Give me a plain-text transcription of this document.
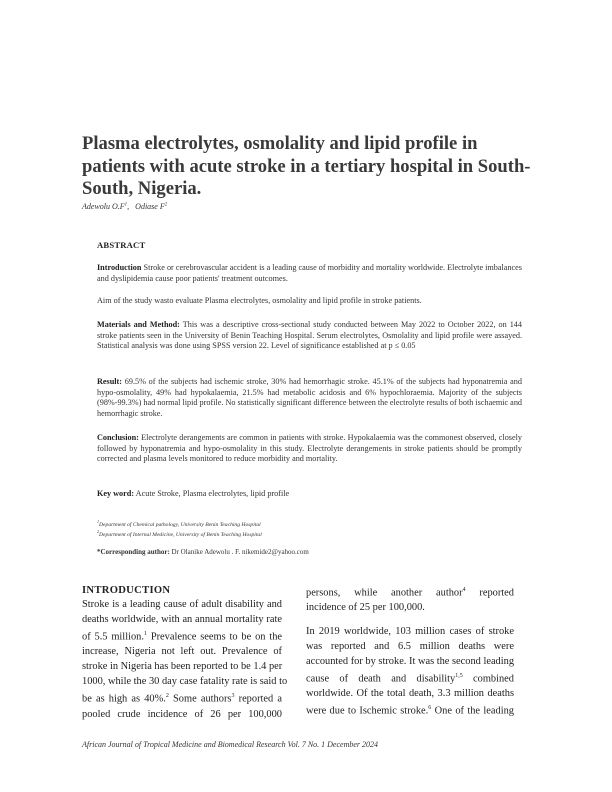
Plasma electrolytes, osmolality and lipid profile in patients with acute stroke in a tertiary hospital in South-South, Nigeria.
Adewolu $O.F^1$,   Odiase $F^2$
ABSTRACT
Introduction Stroke or cerebrovascular accident is a leading cause of morbidity and mortality worldwide. Electrolyte imbalances and dyslipidemia cause poor patients' treatment outcomes.
Aim of the study wasto evaluate Plasma electrolytes, osmolality and lipid profile in stroke patients.
Materials and Method: This was a descriptive cross-sectional study conducted between May 2022 to October 2022, on 144 stroke patients seen in the University of Benin Teaching Hospital. Serum electrolytes, Osmolality and lipid profile were assayed. Statistical analysis was done using SPSS version 22. Level of significance established at p ≤ 0.05
Result: 69.5% of the subjects had ischemic stroke, 30% had hemorrhagic stroke. 45.1% of the subjects had hyponatremia and hypo-osmolality, 49% had hypokalaemia, 21.5% had metabolic acidosis and 6% hypochloraemia. Majority of the subjects (98%-99.3%) had normal lipid profile. No statistically significant difference between the electrolyte results of both ischaemic and hemorrhagic stroke.
Conclusion: Electrolyte derangements are common in patients with stroke. Hypokalaemia was the commonest observed, closely followed by hyponatremia and hypo-osmolality in this study. Electrolyte derangements in stroke patients should be promptly corrected and plasma levels monitored to reduce morbidity and mortality.
Key word: Acute Stroke, Plasma electrolytes, lipid profile
$^1$Department of Chemical pathology, University Benin Teaching Hospital
$^2$Department of Internal Medicine, University of Benin Teaching Hospital
*Corresponding author: Dr Olanike Adewolu . F. nikemide2@yahoo.com
INTRODUCTION
Stroke is a leading cause of adult disability and
deaths worldwide, with an annual mortality rate
of 5.5 million.$^1$ Prevalence seems to be on the
increase, Nigeria not left out. Prevalence of
stroke in Nigeria has been reported to be 1.4 per
1000, while the 30 day case fatality rate is said to
be as high as 40%.$^2$ Some authors$^3$ reported a
pooled crude incidence of 26 per 100,000
persons, while another author$^4$ reported
incidence of 25 per 100,000.
In 2019 worldwide, 103 million cases of stroke
was reported and 6.5 million deaths were
accounted for by stroke. It was the second leading
cause of death and disability$^{1,5}$ combined
worldwide. Of the total death, 3.3 million deaths
were due to Ischemic stroke.$^6$ One of the leading
African Journal of Tropical Medicine and Biomedical Research Vol. 7 No. 1 December 2024
